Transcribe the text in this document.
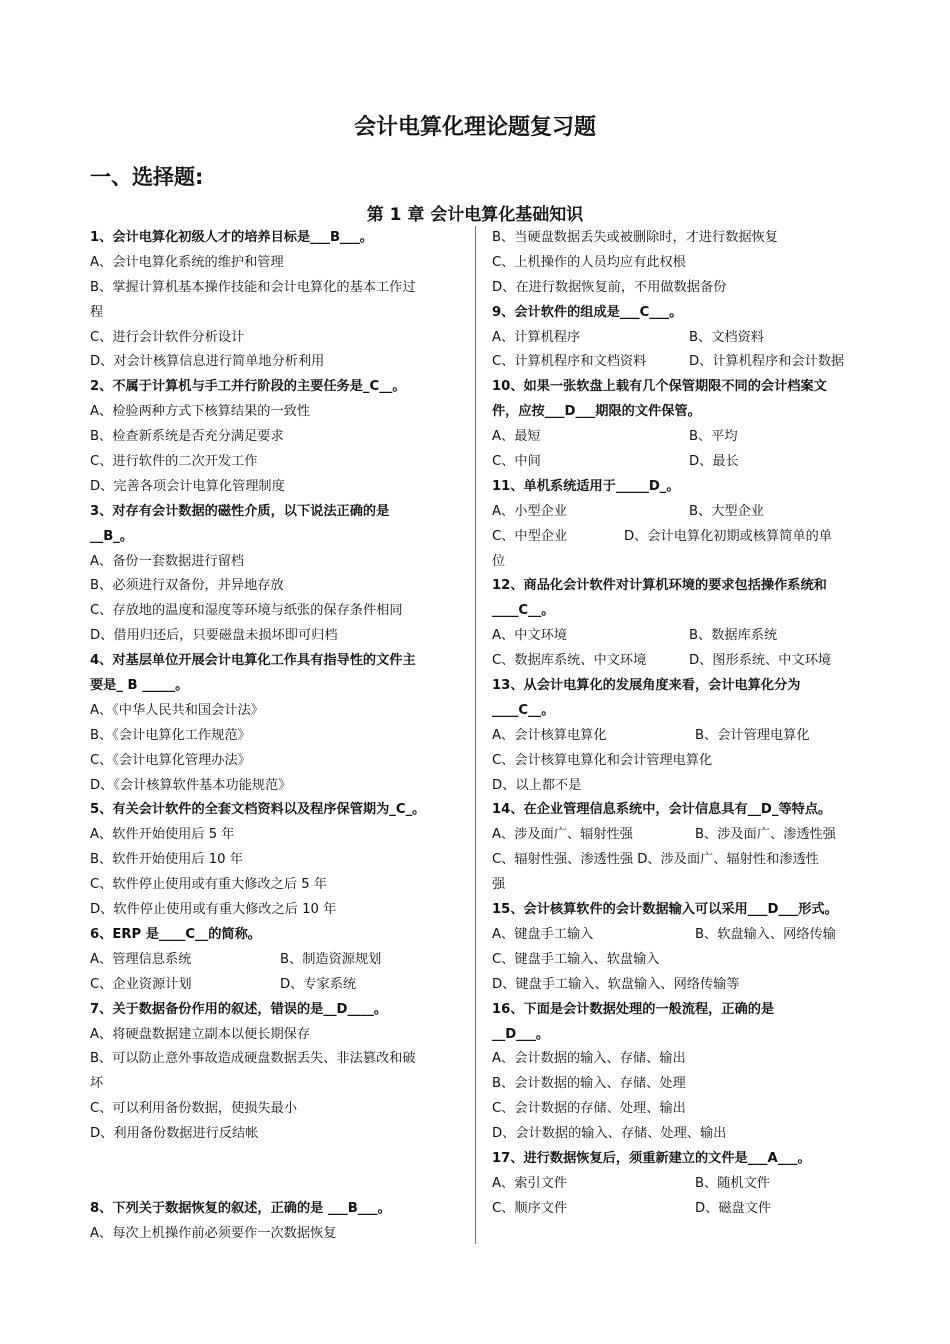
会计电算化理论题复习题
一、选择题:
第 1 章 会计电算化基础知识
1、会计电算化初级人才的培养目标是___B___。
A、会计电算化系统的维护和管理
B、掌握计算机基本操作技能和会计电算化的基本工作过
程
C、进行会计软件分析设计
D、对会计核算信息进行简单地分析利用
2、不属于计算机与手工并行阶段的主要任务是_C__。
A、检验两种方式下核算结果的一致性
B、检查新系统是否充分满足要求
C、进行软件的二次开发工作
D、完善各项会计电算化管理制度
3、对存有会计数据的磁性介质，以下说法正确的是
__B_。
A、备份一套数据进行留档
B、必须进行双备份，并异地存放
C、存放地的温度和湿度等环境与纸张的保存条件相同
D、借用归还后，只要磁盘未损坏即可归档
4、对基层单位开展会计电算化工作具有指导性的文件主
要是_ B _____。
A、《中华人民共和国会计法》
B、《会计电算化工作规范》
C、《会计电算化管理办法》
D、《会计核算软件基本功能规范》
5、有关会计软件的全套文档资料以及程序保管期为_C_。
A、软件开始使用后 5 年
B、软件开始使用后 10 年
C、软件停止使用或有重大修改之后 5 年
D、软件停止使用或有重大修改之后 10 年
6、ERP 是____C__的简称。
A、管理信息系统	B、制造资源规划
C、企业资源计划	D、专家系统
7、关于数据备份作用的叙述，错误的是__D____。
A、将硬盘数据建立副本以便长期保存
B、可以防止意外事故造成硬盘数据丢失、非法篡改和破
坏
C、可以利用备份数据，使损失最小
D、利用备份数据进行反结帐
8、下列关于数据恢复的叙述，正确的是 ___B___。
A、每次上机操作前必须要作一次数据恢复
B、当硬盘数据丢失或被删除时，才进行数据恢复
C、上机操作的人员均应有此权根
D、在进行数据恢复前，不用做数据备份
9、会计软件的组成是___C___。
A、计算机程序	B、文档资料
C、计算机程序和文档资料	D、计算机程序和会计数据
10、如果一张软盘上载有几个保管期限不同的会计档案文
件，应按___D___期限的文件保管。
A、最短	B、平均
C、中间	D、最长
11、单机系统适用于_____D_。
A、小型企业	B、大型企业
C、中型企业	D、会计电算化初期或核算简单的单
位
12、商品化会计软件对计算机环境的要求包括操作系统和
____C__。
A、中文环境	B、数据库系统
C、数据库系统、中文环境	D、图形系统、中文环境
13、从会计电算化的发展角度来看，会计电算化分为
____C__。
A、会计核算电算化	B、会计管理电算化
C、会计核算电算化和会计管理电算化
D、以上都不是
14、在企业管理信息系统中，会计信息具有__D_等特点。
A、涉及面广、辐射性强	B、涉及面广、渗透性强
C、辐射性强、渗透性强 D、涉及面广、辐射性和渗透性
强
15、会计核算软件的会计数据输入可以采用___D___形式。
A、键盘手工输入	B、软盘输入、网络传输
C、键盘手工输入、软盘输入
D、键盘手工输入、软盘输入、网络传输等
16、下面是会计数据处理的一般流程，正确的是
__D___。
A、会计数据的输入、存储、输出
B、会计数据的输入、存储、处理
C、会计数据的存储、处理、输出
D、会计数据的输入、存储、处理、输出
17、进行数据恢复后，须重新建立的文件是___A___。
A、索引文件	B、随机文件
C、顺序文件	D、磁盘文件
